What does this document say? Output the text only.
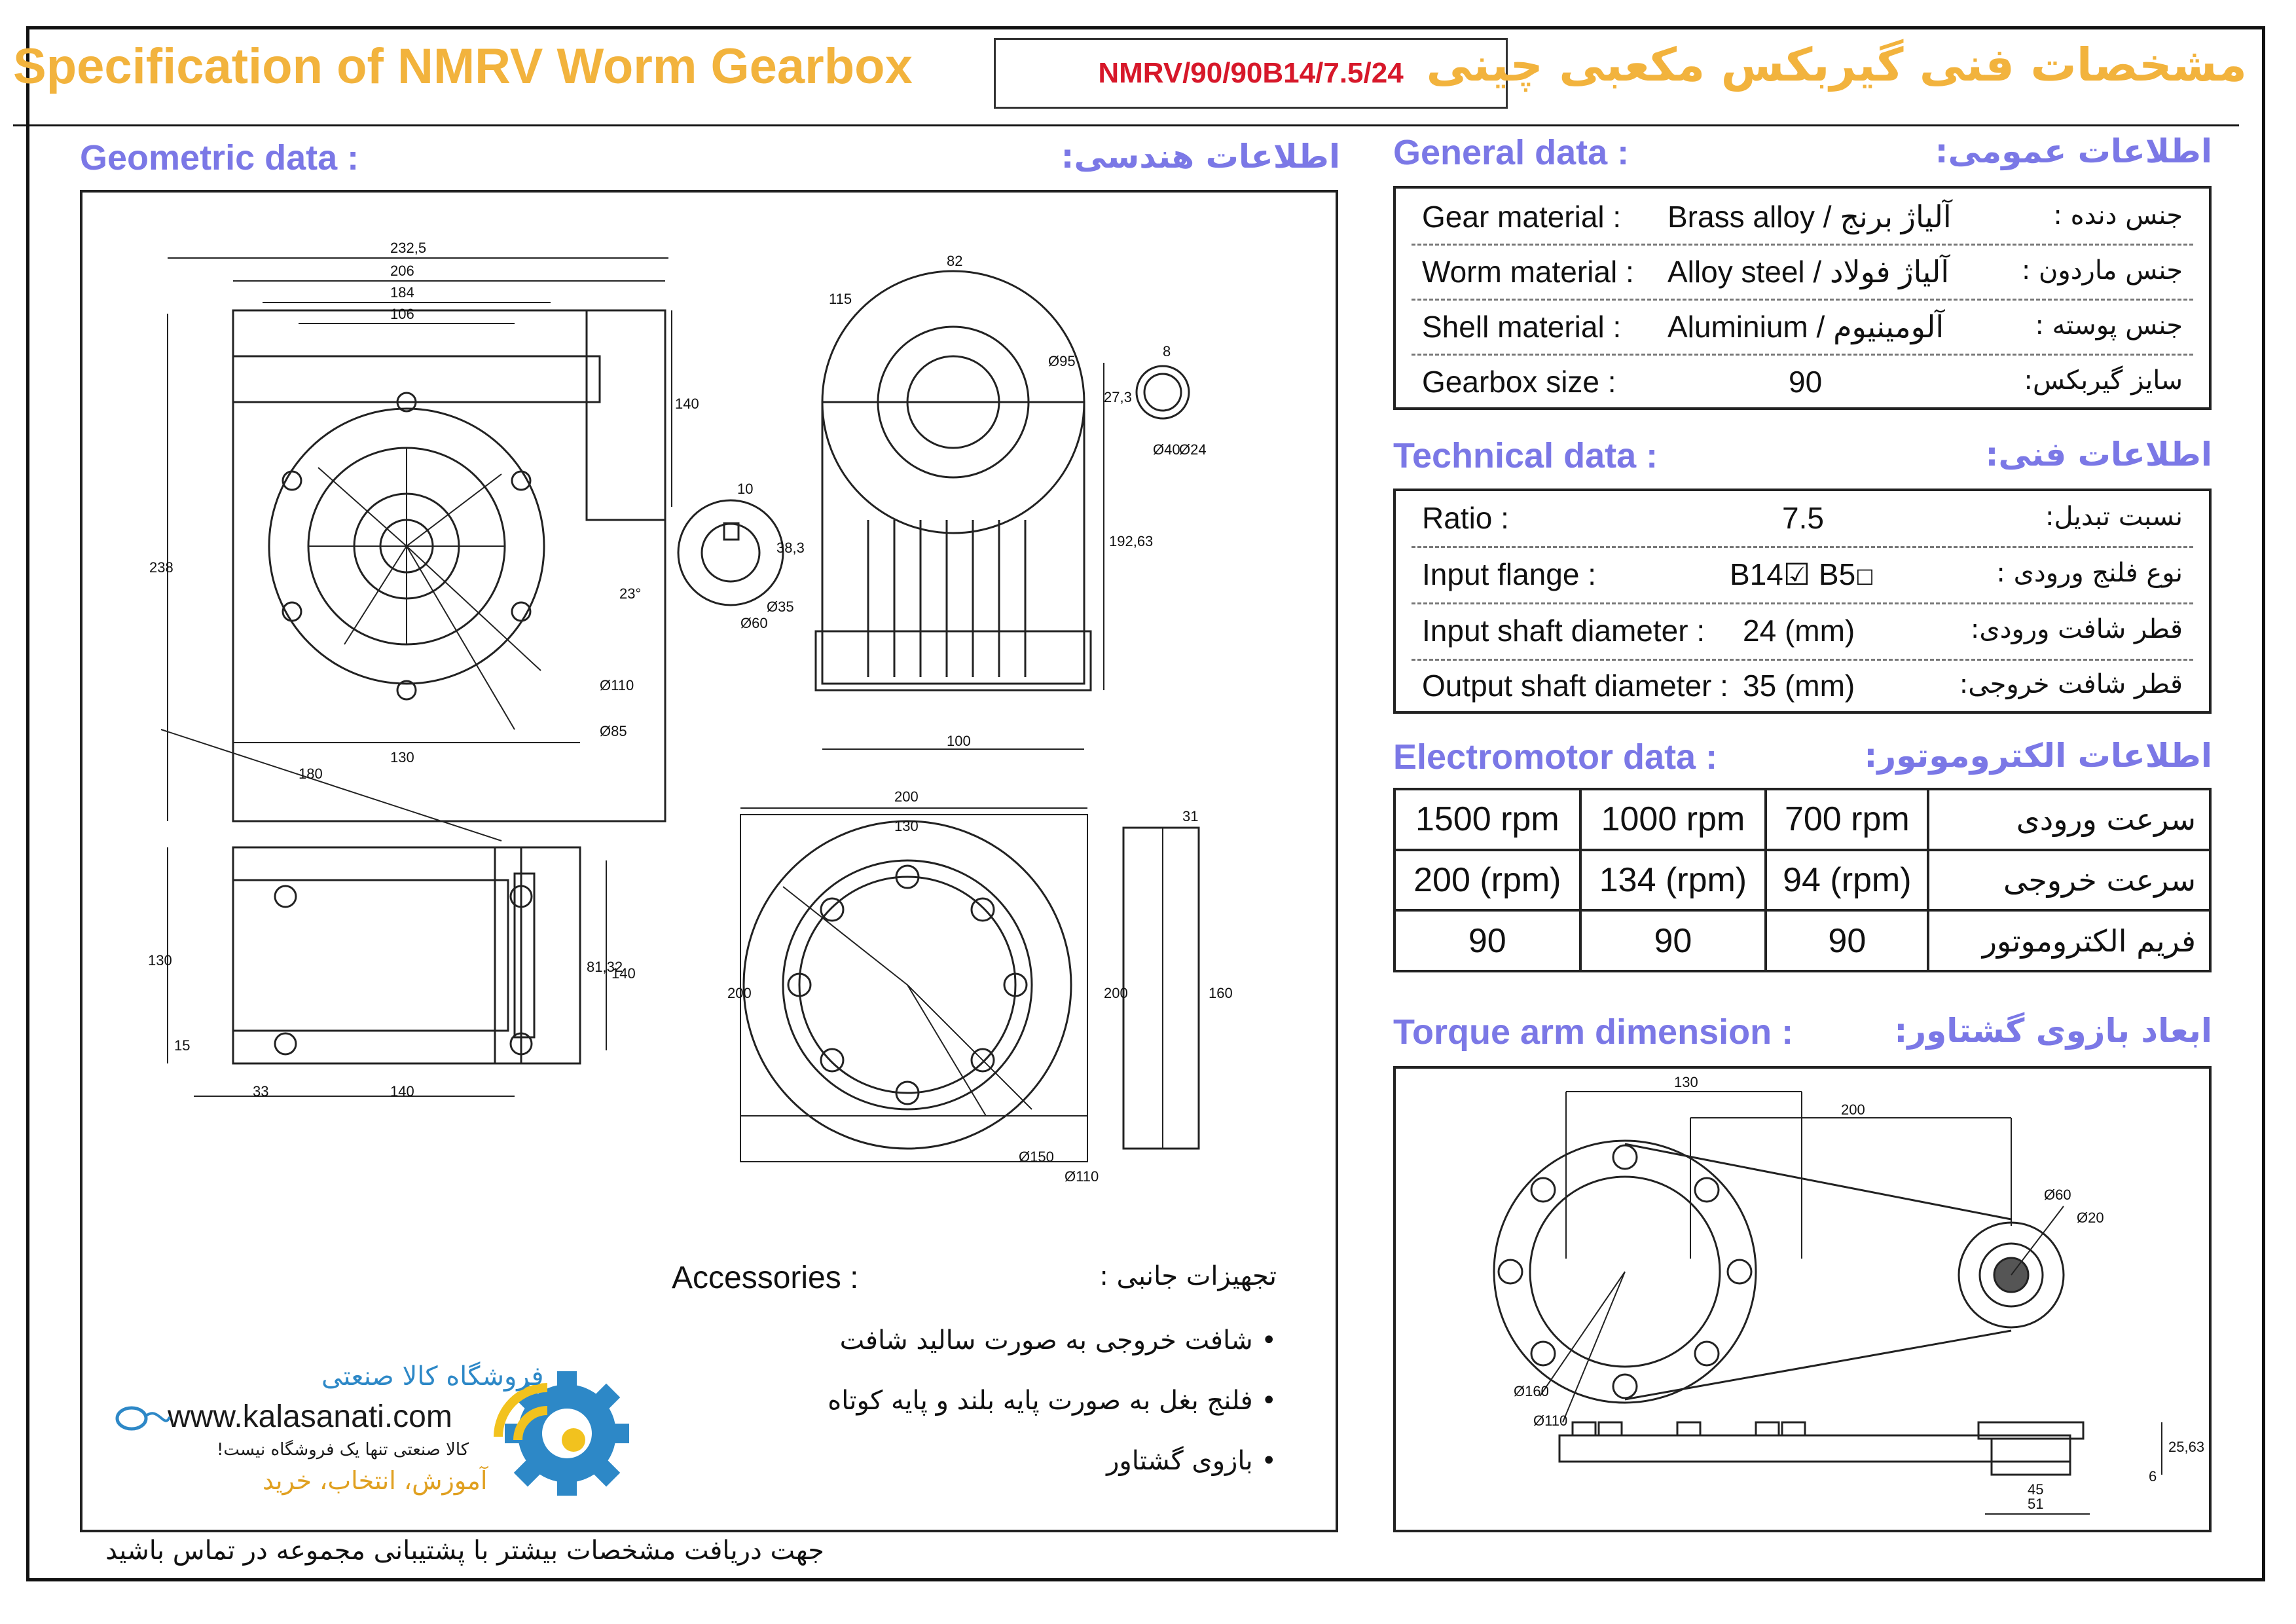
Specification of NMRV Worm Gearbox	NMRV/90/90B14/7.5/24 مشخصات فنی گیربکس مکعبی چینی
Geometric data :	اطلاعات هندسی:
232,5
206
184
106
140
238
23°
Ø110
Ø85
130
180
10
38,3
Ø35
Ø60
115
82
Ø95
192,63
100
8
27,3
Ø40
Ø24
130	81,32
140
15
33	140
200
130
200
Ø150
Ø110
31
200	160
Accessories :	تجهیزات جانبی :
• شافت خروجی به صورت سالید شافت
• فلنج بغل به صورت پایه بلند و پایه کوتاه
• بازوی گشتاور
فروشگاه کالا صنعتی
www.kalasanati.com
کالا صنعتی تنها یک فروشگاه نیست!
آموزش، انتخاب، خرید
جهت دریافت مشخصات بیشتر با پشتیبانی مجموعه در تماس باشید
General data :	اطلاعات عمومی:
Gear material : Brass alloy / آلیاژ برنج	جنس دنده :
Worm material : Alloy steel / آلیاژ فولاد	جنس ماردون :
Shell material : Aluminium / آلومینیوم	جنس پوسته :
Gearbox size :	90	سایز گیربکس:
Technical data :	اطلاعات فنی:
Ratio :	7.5	نسبت تبدیل:
Input flange :	B14☑ B5☐	نوع فلنج ورودی :
Input shaft diameter : 24 (mm)	قطر شافت ورودی:
Output shaft diameter : 35 (mm)	قطر شافت خروجی:
Electromotor data :	اطلاعات الکتروموتور:
1500 rpm	1000 rpm	700 rpm	سرعت ورودی
200 (rpm)	134 (rpm)	94 (rpm)	سرعت خروجی
90	90	90	فریم الکتروموتور
Torque arm dimension :	ابعاد بازوی گشتاور:
130
200
Ø60
Ø20
Ø160
Ø110
25,63
6
45
51
